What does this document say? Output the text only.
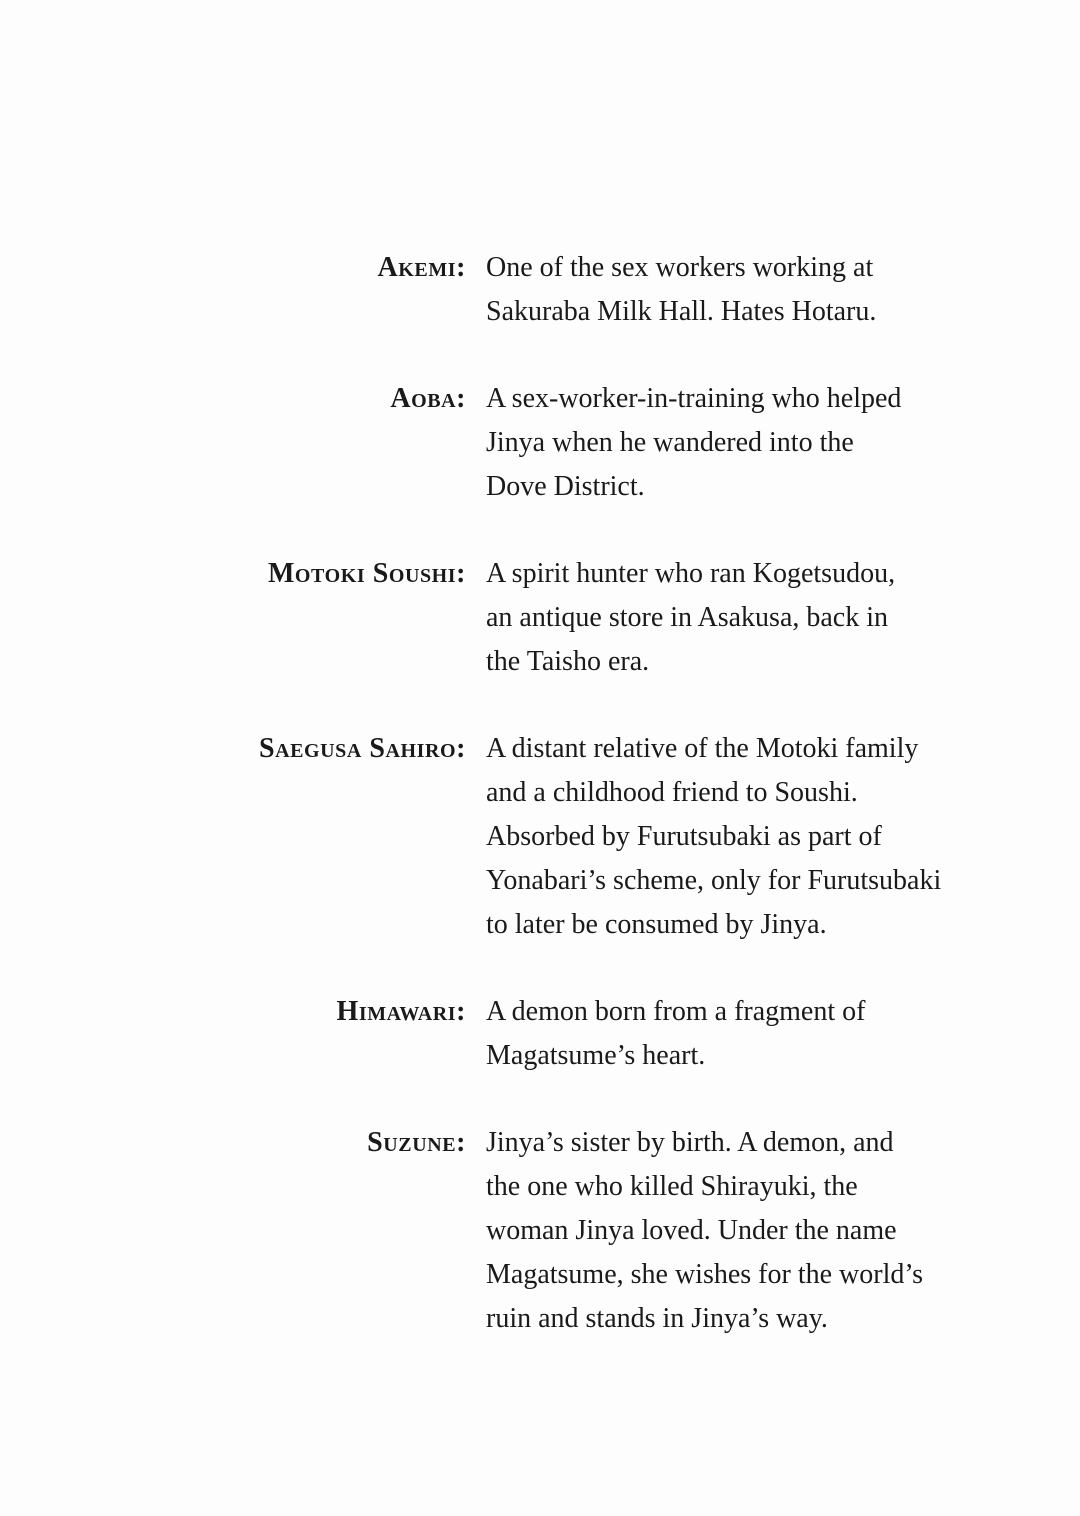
Akemi: One of the sex workers working at
Sakuraba Milk Hall. Hates Hotaru.
Aoba: A sex-worker-in-training who helped
Jinya when he wandered into the
Dove District.
Motoki Soushi: A spirit hunter who ran Kogetsudou,
an antique store in Asakusa, back in
the Taisho era.
Saegusa Sahiro: A distant relative of the Motoki family
and a childhood friend to Soushi.
Absorbed by Furutsubaki as part of
Yonabari’s scheme, only for Furutsubaki
to later be consumed by Jinya.
Himawari: A demon born from a fragment of
Magatsume’s heart.
Suzune: Jinya’s sister by birth. A demon, and
the one who killed Shirayuki, the
woman Jinya loved. Under the name
Magatsume, she wishes for the world’s
ruin and stands in Jinya’s way.
